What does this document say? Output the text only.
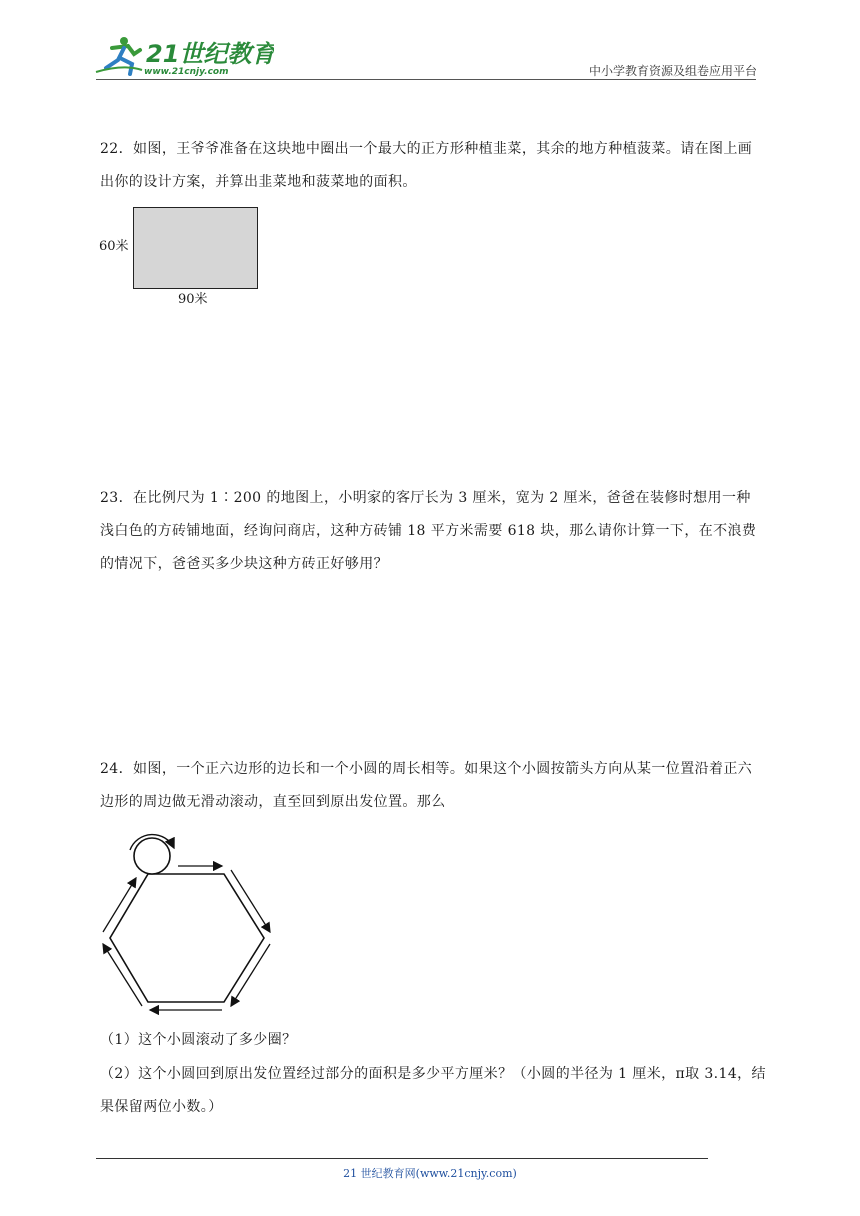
21世纪教育
www.21cnjy.com	中小学教育资源及组卷应用平台
22．如图，王爷爷准备在这块地中圈出一个最大的正方形种植韭菜，其余的地方种植菠菜。请在图上画出你的设计方案，并算出韭菜地和菠菜地的面积。
60米
90米
23．在比例尺为 1∶200 的地图上，小明家的客厅长为 3 厘米，宽为 2 厘米，爸爸在装修时想用一种浅白色的方砖铺地面，经询问商店，这种方砖铺 18 平方米需要 618 块，那么请你计算一下，在不浪费的情况下，爸爸买多少块这种方砖正好够用？
24．如图，一个正六边形的边长和一个小圆的周长相等。如果这个小圆按箭头方向从某一位置沿着正六边形的周边做无滑动滚动，直至回到原出发位置。那么
（1）这个小圆滚动了多少圈？
（2）这个小圆回到原出发位置经过部分的面积是多少平方厘米？（小圆的半径为 1 厘米，π取 3.14，结果保留两位小数。）
21 世纪教育网(www.21cnjy.com)
